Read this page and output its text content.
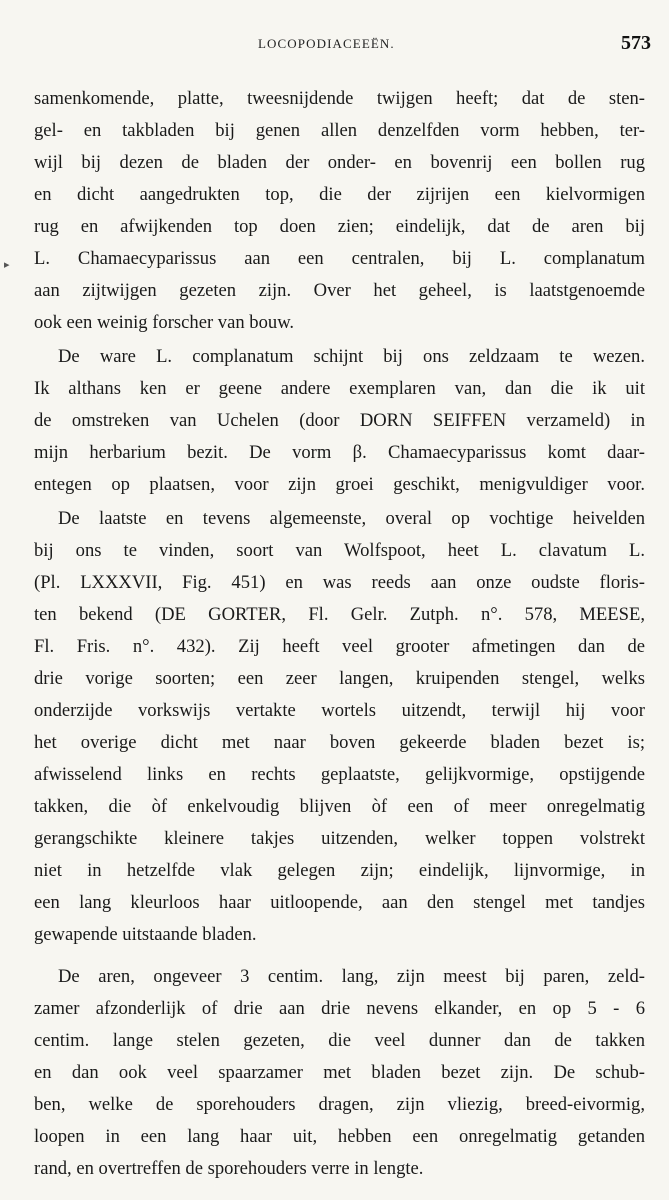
LOCOPODIACEEËN.	573
▸
samenkomende, platte, tweesnijdende twijgen heeft; dat de sten-
gel- en takbladen bij genen allen denzelfden vorm hebben, ter-
wijl bij dezen de bladen der onder- en bovenrij een bollen rug
en dicht aangedrukten top, die der zijrijen een kielvormigen
rug en afwijkenden top doen zien; eindelijk, dat de aren bij
L. Chamaecyparissus aan een centralen, bij L. complanatum
aan zijtwijgen gezeten zijn. Over het geheel, is laatstgenoemde
ook een weinig forscher van bouw.
De ware L. complanatum schijnt bij ons zeldzaam te wezen.
Ik althans ken er geene andere exemplaren van, dan die ik uit
de omstreken van Uchelen (door DORN SEIFFEN verzameld) in
mijn herbarium bezit. De vorm β. Chamaecyparissus komt daar-
entegen op plaatsen, voor zijn groei geschikt, menigvuldiger voor.
De laatste en tevens algemeenste, overal op vochtige heivelden
bij ons te vinden, soort van Wolfspoot, heet L. clavatum L.
(Pl. LXXXVII, Fig. 451) en was reeds aan onze oudste floris-
ten bekend (DE GORTER, Fl. Gelr. Zutph. n°. 578, MEESE,
Fl. Fris. n°. 432). Zij heeft veel grooter afmetingen dan de
drie vorige soorten; een zeer langen, kruipenden stengel, welks
onderzijde vorkswijs vertakte wortels uitzendt, terwijl hij voor
het overige dicht met naar boven gekeerde bladen bezet is;
afwisselend links en rechts geplaatste, gelijkvormige, opstijgende
takken, die òf enkelvoudig blijven òf een of meer onregelmatig
gerangschikte kleinere takjes uitzenden, welker toppen volstrekt
niet in hetzelfde vlak gelegen zijn; eindelijk, lijnvormige, in
een lang kleurloos haar uitloopende, aan den stengel met tandjes
gewapende uitstaande bladen.
De aren, ongeveer 3 centim. lang, zijn meest bij paren, zeld-
zamer afzonderlijk of drie aan drie nevens elkander, en op 5 - 6
centim. lange stelen gezeten, die veel dunner dan de takken
en dan ook veel spaarzamer met bladen bezet zijn. De schub-
ben, welke de sporehouders dragen, zijn vliezig, breed-eivormig,
loopen in een lang haar uit, hebben een onregelmatig getanden
rand, en overtreffen de sporehouders verre in lengte.
